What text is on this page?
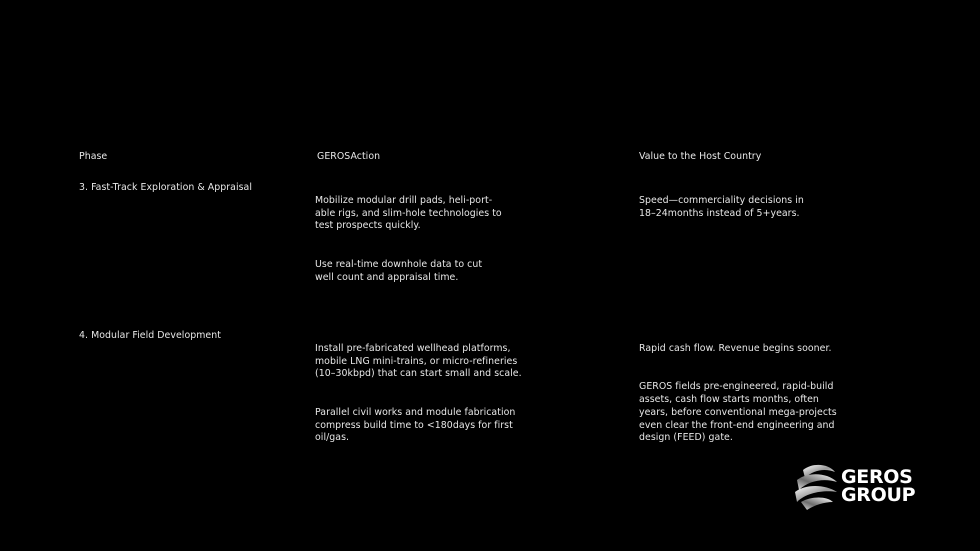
Phase	GEROSAction	Value to the Host Country
3. Fast-Track Exploration & Appraisal

Mobilize modular drill pads, heli-port-
able rigs, and slim-hole technologies to
test prospects quickly.

Use real-time downhole data to cut
well count and appraisal time.

Speed—commerciality decisions in
18–24months instead of 5+years.

4. Modular Field Development

Install pre-fabricated wellhead platforms,
mobile LNG mini-trains, or micro-refineries
(10–30kbpd) that can start small and scale.

Parallel civil works and module fabrication
compress build time to <180days for first
oil/gas.

Rapid cash flow. Revenue begins sooner.

GEROS fields pre-engineered, rapid-build
assets, cash flow starts months, often
years, before conventional mega-projects
even clear the front-end engineering and
design (FEED) gate.

GEROS
GROUP
